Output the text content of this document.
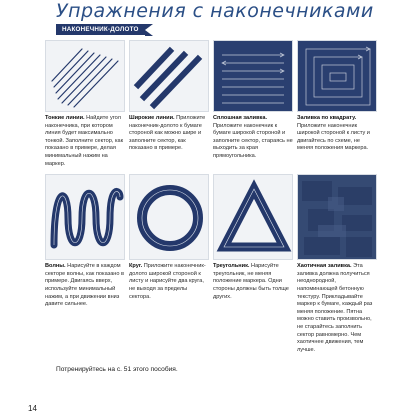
Упражнения с наконечниками
НАКОНЕЧНИК-ДОЛОТО
Тонкие линии. Найдите угол наконечника, при котором линия будет максимально тонкой. Заполните сектор, как показано в примере, делая минимальный нажим на маркер.
Широкие линии. Приложите наконечник-долото к бумаге стороной как можно шире и заполните сектор, как показано в примере.
Сплошная заливка. Приложите наконечник к бумаге широкой стороной и заполните сектор, стараясь не выходить за края прямоугольника.
Заливка по квадрату. Приложите наконечник широкой стороной к листу и двигайтесь по схеме, не меняя положения маркера.
Волны. Нарисуйте в каждом секторе волны, как показано в примере. Двигаясь вверх, используйте минимальный нажим, а при движении вниз давите сильнее.
Круг. Приложите наконечник-долото широкой стороной к листу и нарисуйте два круга, не выходя за пределы сектора.
Треугольник. Нарисуйте треугольник, не меняя положение маркера. Одни стороны должны быть толще других.
Хаотичная заливка. Эта заливка должна получиться неоднородной, напоминающей бетонную текстуру. Прикладывайте маркер к бумаге, каждый раз меняя положение. Пятна можно ставить произвольно, не старайтесь заполнить сектор равномерно. Чем хаотичнее движения, тем лучше.
Потренируйтесь на с. 51 этого пособия.
14
